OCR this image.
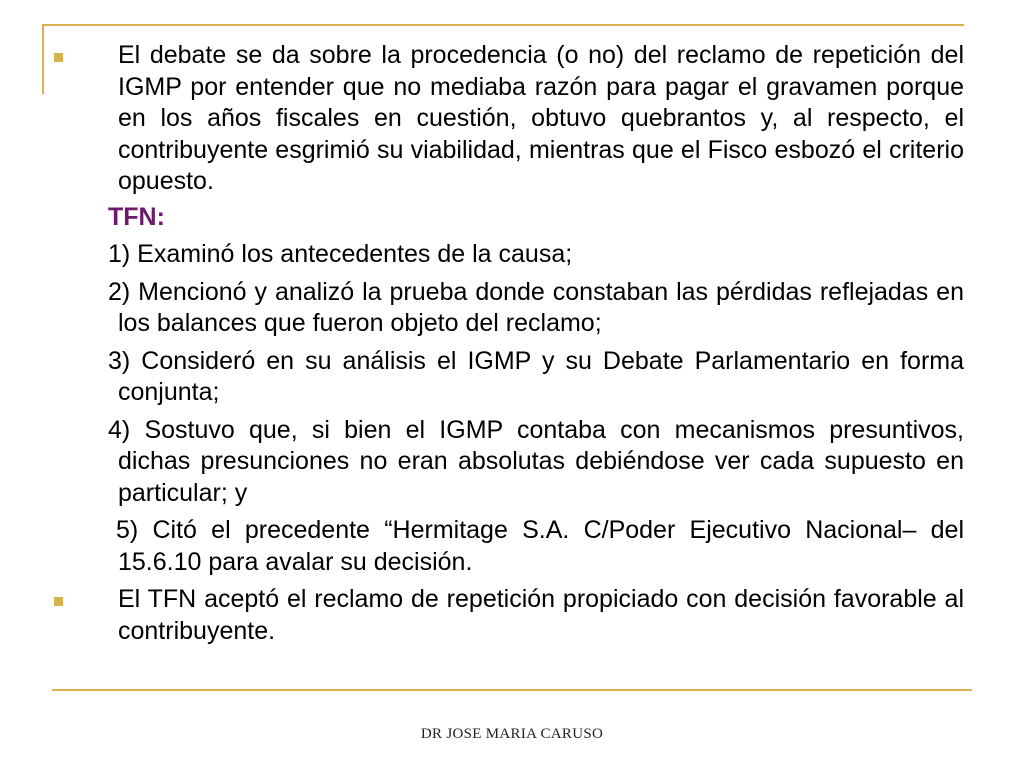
El debate se da sobre la procedencia (o no) del reclamo de repetición del IGMP por entender que no mediaba razón para pagar el gravamen porque en los años fiscales en cuestión, obtuvo quebrantos y, al respecto, el contribuyente esgrimió su viabilidad, mientras que el Fisco esbozó el criterio opuesto.
TFN:
1) Examinó los antecedentes de la causa;
2) Mencionó y analizó la prueba donde constaban las pérdidas reflejadas en los balances que fueron objeto del reclamo;
3) Consideró en su análisis el IGMP y su Debate Parlamentario en forma conjunta;
4) Sostuvo que, si bien el IGMP contaba con mecanismos presuntivos, dichas presunciones no eran absolutas debiéndose ver cada supuesto en particular; y
5) Citó el precedente “Hermitage S.A. C/Poder Ejecutivo Nacional– del 15.6.10 para avalar su decisión.
El TFN aceptó el reclamo de repetición propiciado con decisión favorable al contribuyente.
DR JOSE MARIA CARUSO
